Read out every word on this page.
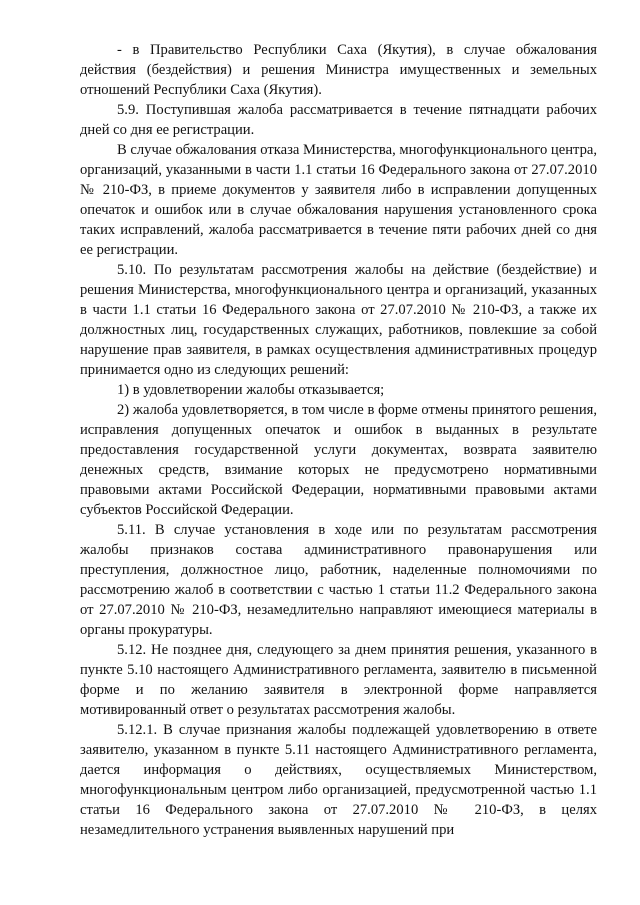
- в Правительство Республики Саха (Якутия), в случае обжалования действия (бездействия) и решения Министра имущественных и земельных отношений Республики Саха (Якутия).

5.9. Поступившая жалоба рассматривается в течение пятнадцати рабочих дней со дня ее регистрации.

В случае обжалования отказа Министерства, многофункционального центра, организаций, указанными в части 1.1 статьи 16 Федерального закона от 27.07.2010 № 210-ФЗ, в приеме документов у заявителя либо в исправлении допущенных опечаток и ошибок или в случае обжалования нарушения установленного срока таких исправлений, жалоба рассматривается в течение пяти рабочих дней со дня ее регистрации.

5.10. По результатам рассмотрения жалобы на действие (бездействие) и решения Министерства, многофункционального центра и организаций, указанных в части 1.1 статьи 16 Федерального закона от 27.07.2010 № 210-ФЗ, а также их должностных лиц, государственных служащих, работников, повлекшие за собой нарушение прав заявителя, в рамках осуществления административных процедур принимается одно из следующих решений:

1) в удовлетворении жалобы отказывается;

2) жалоба удовлетворяется, в том числе в форме отмены принятого решения, исправления допущенных опечаток и ошибок в выданных в результате предоставления государственной услуги документах, возврата заявителю денежных средств, взимание которых не предусмотрено нормативными правовыми актами Российской Федерации, нормативными правовыми актами субъектов Российской Федерации.

5.11. В случае установления в ходе или по результатам рассмотрения жалобы признаков состава административного правонарушения или преступления, должностное лицо, работник, наделенные полномочиями по рассмотрению жалоб в соответствии с частью 1 статьи 11.2 Федерального закона от 27.07.2010 № 210-ФЗ, незамедлительно направляют имеющиеся материалы в органы прокуратуры.

5.12. Не позднее дня, следующего за днем принятия решения, указанного в пункте 5.10 настоящего Административного регламента, заявителю в письменной форме и по желанию заявителя в электронной форме направляется мотивированный ответ о результатах рассмотрения жалобы.

5.12.1. В случае признания жалобы подлежащей удовлетворению в ответе заявителю, указанном в пункте 5.11 настоящего Административного регламента, дается информация о действиях, осуществляемых Министерством, многофункциональным центром либо организацией, предусмотренной частью 1.1 статьи 16 Федерального закона от 27.07.2010 № 210-ФЗ, в целях незамедлительного устранения выявленных нарушений при
